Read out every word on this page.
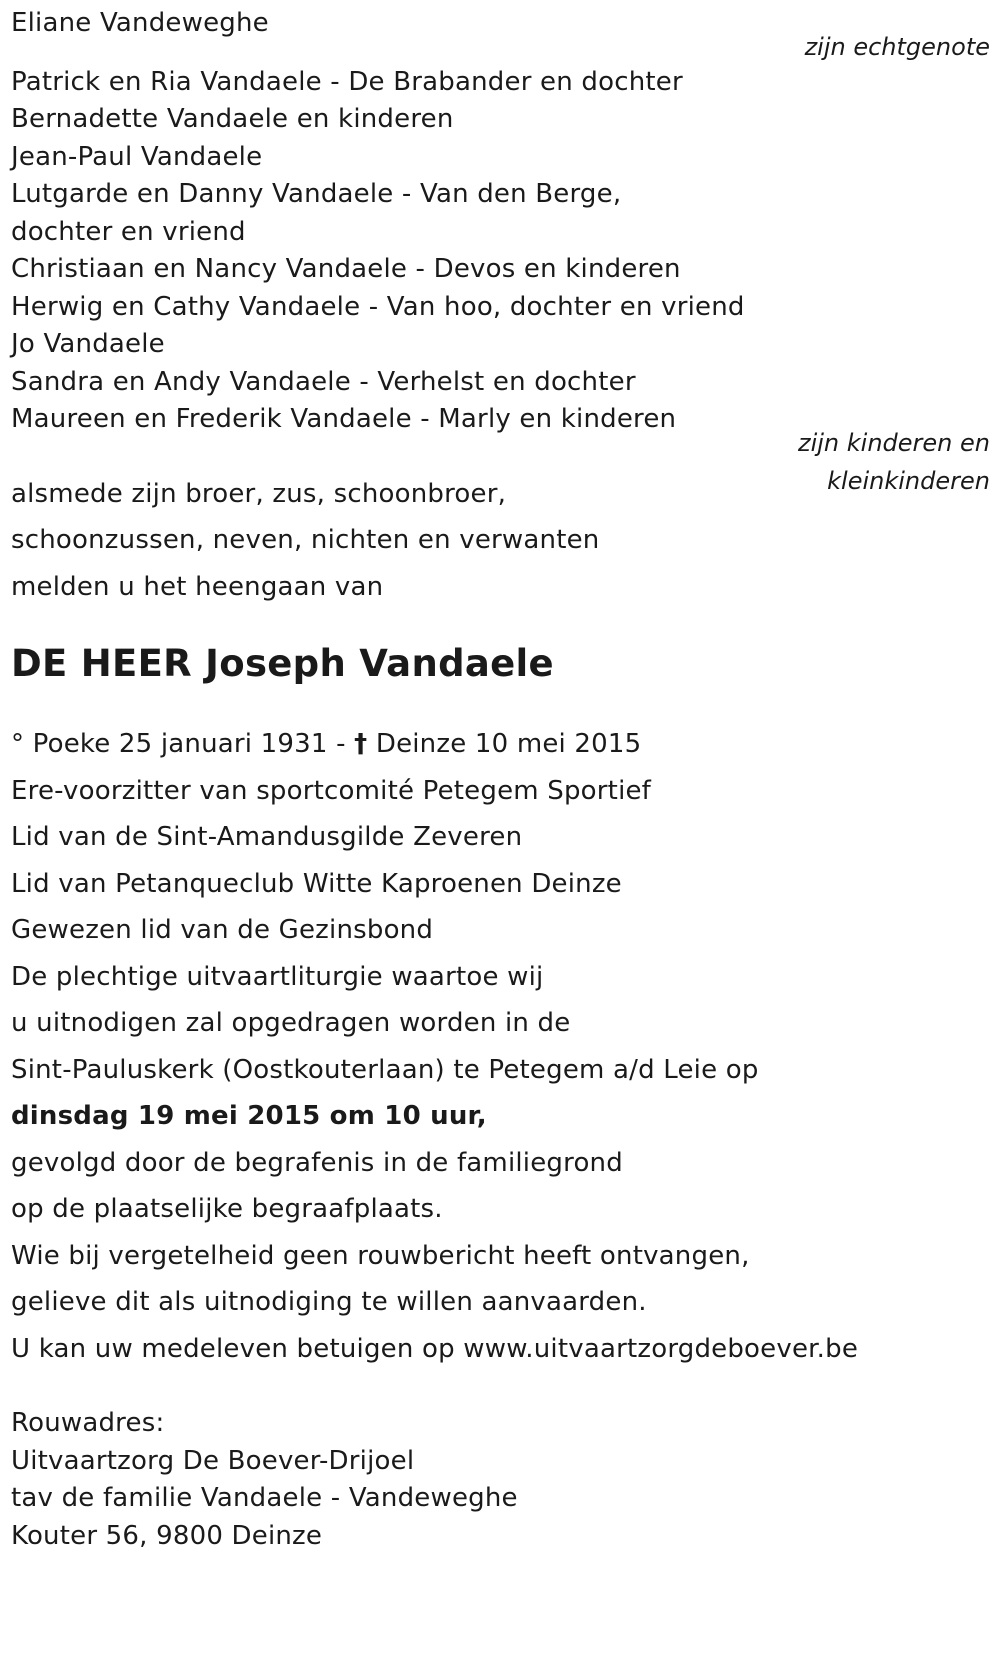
Eliane Vandeweghe
zijn echtgenote
Patrick en Ria Vandaele - De Brabander en dochter
Bernadette Vandaele en kinderen
Jean-Paul Vandaele
Lutgarde en Danny Vandaele - Van den Berge,
dochter en vriend
Christiaan en Nancy Vandaele - Devos en kinderen
Herwig en Cathy Vandaele - Van hoo, dochter en vriend
Jo Vandaele
Sandra en Andy Vandaele - Verhelst en dochter
Maureen en Frederik Vandaele - Marly en kinderen
zijn kinderen en
kleinkinderen
alsmede zijn broer, zus, schoonbroer,
schoonzussen, neven, nichten en verwanten
melden u het heengaan van
DE HEER Joseph Vandaele
° Poeke 25 januari 1931 - † Deinze 10 mei 2015
Ere-voorzitter van sportcomité Petegem Sportief
Lid van de Sint-Amandusgilde Zeveren
Lid van Petanqueclub Witte Kaproenen Deinze
Gewezen lid van de Gezinsbond
De plechtige uitvaartliturgie waartoe wij
u uitnodigen zal opgedragen worden in de
Sint-Pauluskerk (Oostkouterlaan) te Petegem a/d Leie op
dinsdag 19 mei 2015 om 10 uur,
gevolgd door de begrafenis in de familiegrond
op de plaatselijke begraafplaats.
Wie bij vergetelheid geen rouwbericht heeft ontvangen,
gelieve dit als uitnodiging te willen aanvaarden.
U kan uw medeleven betuigen op www.uitvaartzorgdeboever.be
Rouwadres:
Uitvaartzorg De Boever-Drijoel
tav de familie Vandaele - Vandeweghe
Kouter 56, 9800 Deinze
